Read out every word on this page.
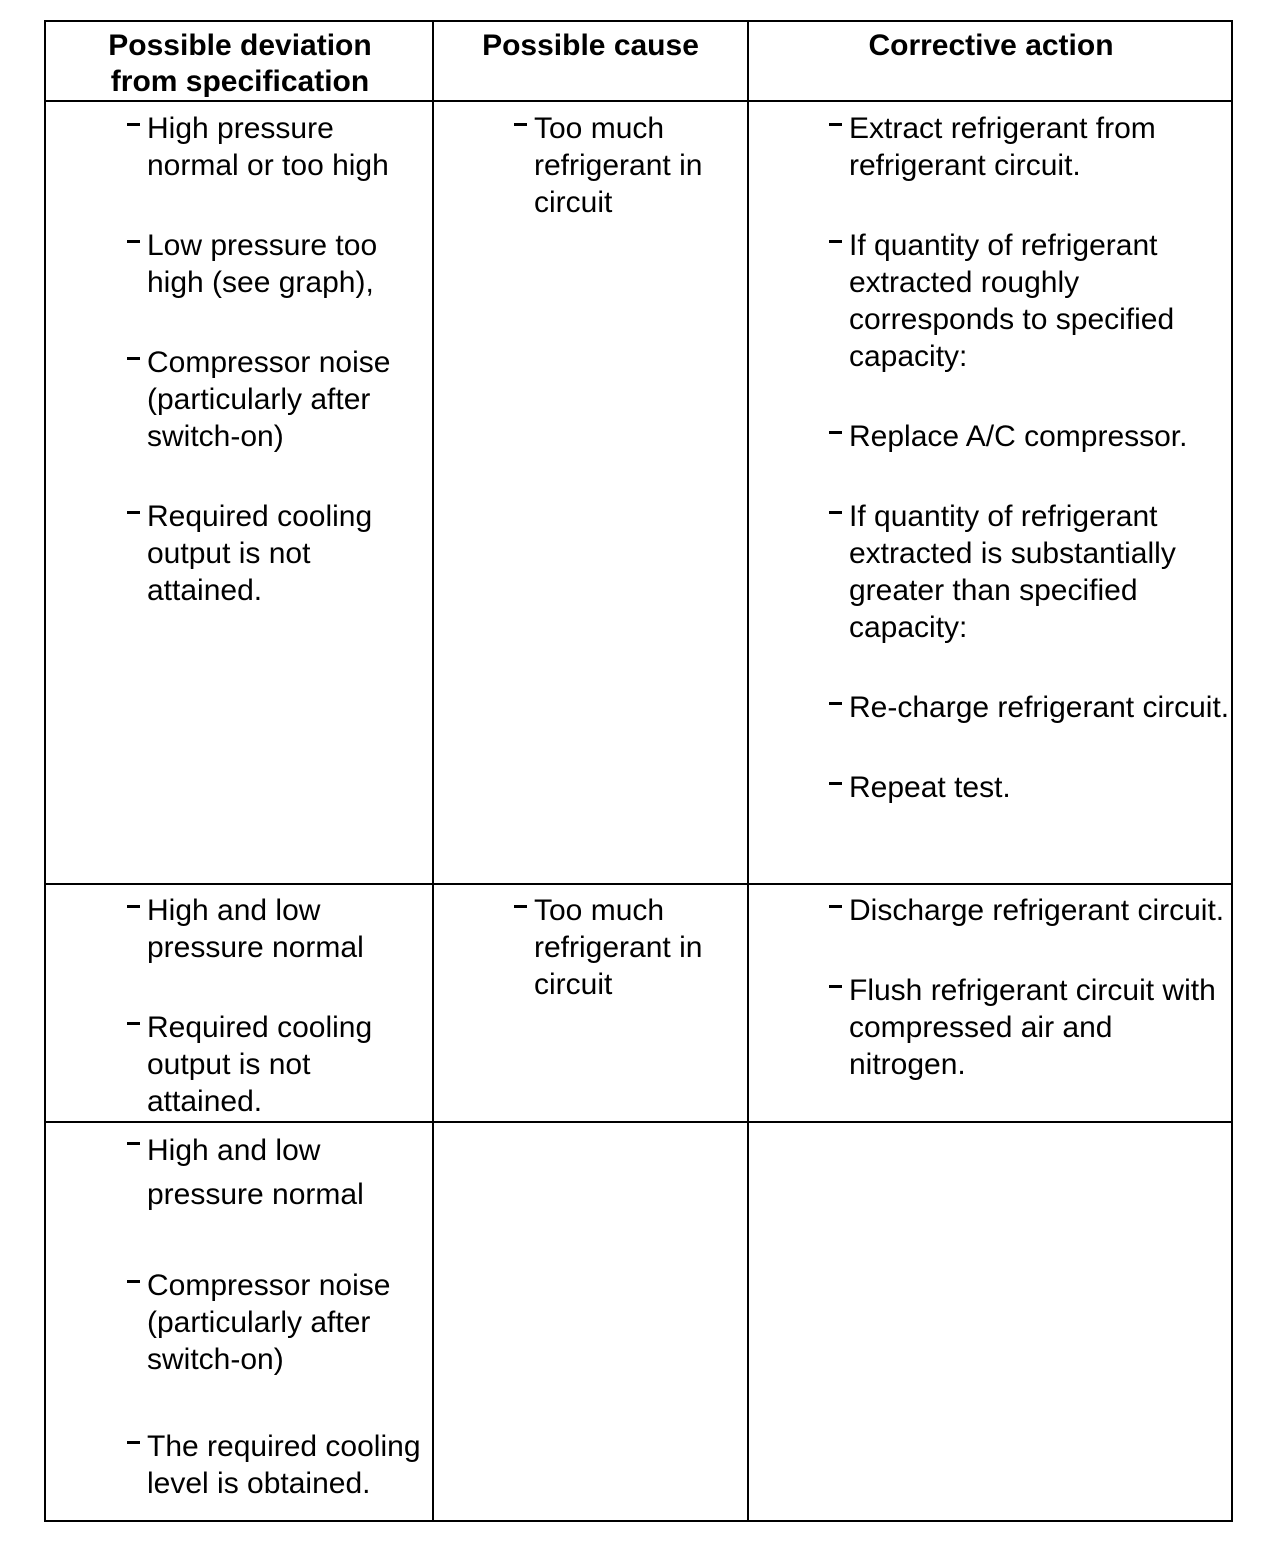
Possible deviation from specification
Possible cause	Corrective action
High pressure normal or too high
Low pressure too high (see graph),
Compressor noise (particularly after switch-on)
Required cooling output is not attained.
Too much refrigerant in circuit
Extract refrigerant from refrigerant circuit.
If quantity of refrigerant extracted roughly corresponds to specified capacity:
Replace A/C compressor.
If quantity of refrigerant extracted is substantially greater than specified capacity:
Re-charge refrigerant circuit.
Repeat test.
High and low pressure normal
Required cooling output is not attained.
Too much refrigerant in circuit
Discharge refrigerant circuit.
Flush refrigerant circuit with compressed air and nitrogen.
High and low pressure normal
Compressor noise (particularly after switch-on)
The required cooling level is obtained.
